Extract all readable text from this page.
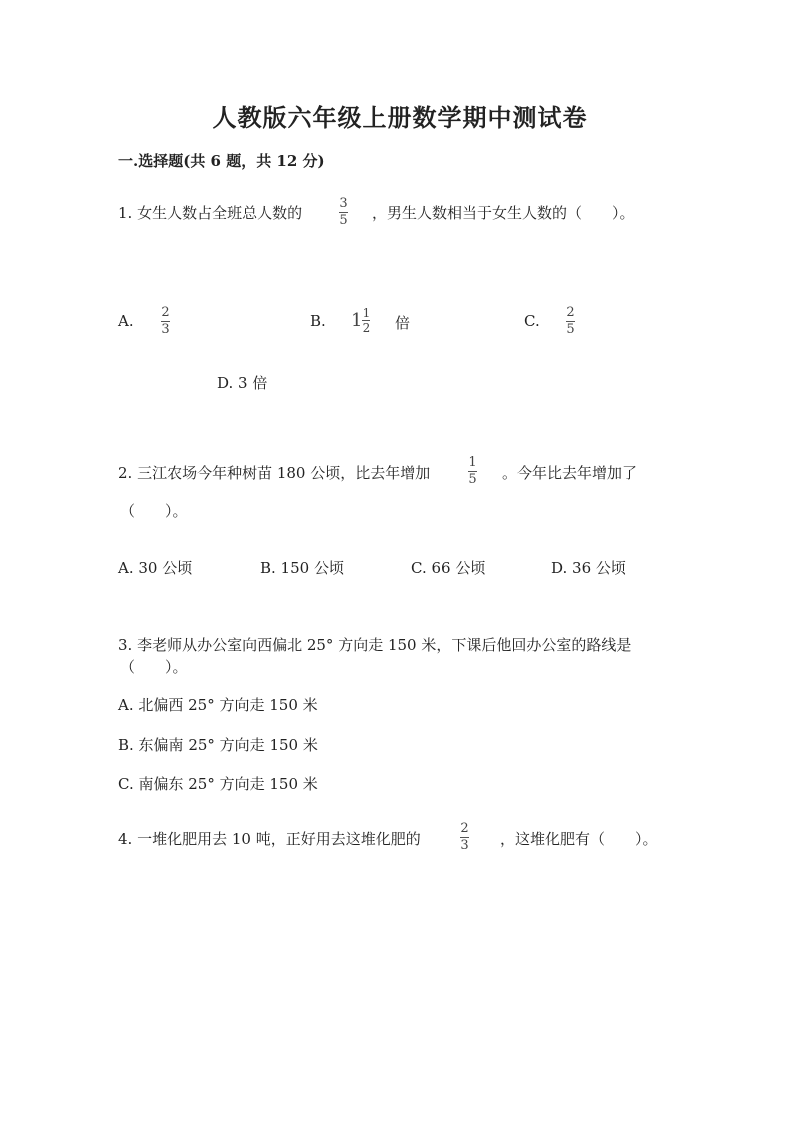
人教版六年级上册数学期中测试卷
一.选择题(共 6 题，共 12 分)
1. 女生人数占全班总人数的
3
5 ，男生人数相当于女生人数的（　　）。
A. 2
3	B. $1 \frac{1}{2}$ 倍	C. 2
5
D. 3 倍
2. 三江农场今年种树苗 180 公顷，比去年增加
1
5 。今年比去年增加了
（　　）。
A. 30 公顷	B. 150 公顷	C. 66 公顷	D. 36 公顷
3. 李老师从办公室向西偏北 25° 方向走 150 米，下课后他回办公室的路线是
（　　）。
A. 北偏西 25° 方向走 150 米
B. 东偏南 25° 方向走 150 米
C. 南偏东 25° 方向走 150 米
4. 一堆化肥用去 10 吨，正好用去这堆化肥的
2
3 ，这堆化肥有（　　）。
